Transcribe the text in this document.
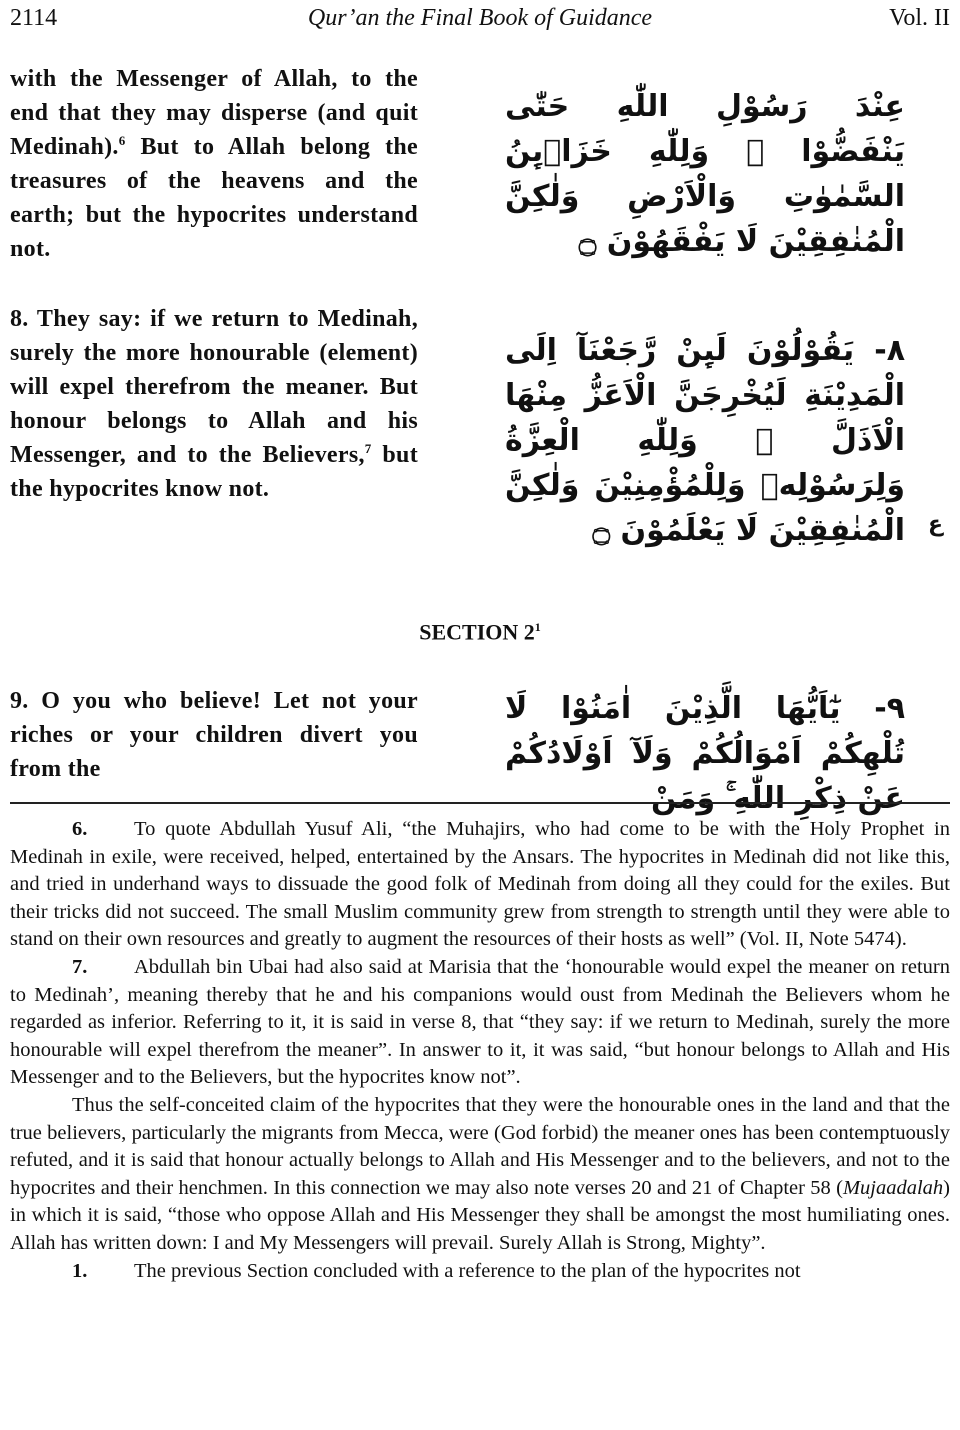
2114	Qur’an the Final Book of Guidance	Vol. II
with the Messenger of Allah, to the end that they may disperse (and quit Medinah).$^6$ But to Allah belong the treasures of the heavens and the earth; but the hypocrites understand not.
عِنْدَ رَسُوْلِ اللّٰهِ حَتّٰى يَنْفَضُّوْا ۭ وَلِلّٰهِ خَزَاۗىِٕنُ السَّمٰوٰتِ وَالْاَرْضِ وَلٰكِنَّ الْمُنٰفِقِيْنَ لَا يَفْقَهُوْنَ ۝
8. They say: if we return to Medinah, surely the more honourable (element) will expel therefrom the meaner. But honour belongs to Allah and his Messenger, and to the Believers,$^7$ but the hypocrites know not.
٨- يَقُوْلُوْنَ لَىِٕنْ رَّجَعْنَآ اِلَى الْمَدِيْنَةِ لَيُخْرِجَنَّ الْاَعَزُّ مِنْهَا الْاَذَلَّ ۭ وَلِلّٰهِ الْعِزَّةُ وَلِرَسُوْلِهٖ وَلِلْمُؤْمِنِيْنَ وَلٰكِنَّ الْمُنٰفِقِيْنَ لَا يَعْلَمُوْنَ ۝ ع
SECTION $2^1$
9. O you who believe! Let not your riches or your children divert you from the
٩- يٰٓاَيُّهَا الَّذِيْنَ اٰمَنُوْا لَا تُلْهِكُمْ اَمْوَالُكُمْ وَلَآ اَوْلَادُكُمْ عَنْ ذِكْرِ اللّٰهِ ۚ وَمَنْ

6. To quote Abdullah Yusuf Ali, “the Muhajirs, who had come to be with the Holy Prophet in Medinah in exile, were received, helped, entertained by the Ansars. The hypocrites in Medinah did not like this, and tried in underhand ways to dissuade the good folk of Medinah from doing all they could for the exiles. But their tricks did not succeed. The small Muslim community grew from strength to strength until they were able to stand on their own resources and greatly to augment the resources of their hosts as well” (Vol. II, Note 5474).

7. Abdullah bin Ubai had also said at Marisia that the ‘honourable would expel the meaner on return to Medinah’, meaning thereby that he and his companions would oust from Medinah the Believers whom he regarded as inferior. Referring to it, it is said in verse 8, that “they say: if we return to Medinah, surely the more honourable will expel therefrom the meaner”. In answer to it, it was said, “but honour belongs to Allah and His Messenger and to the Believers, but the hypocrites know not”.

Thus the self-conceited claim of the hypocrites that they were the honourable ones in the land and that the true believers, particularly the migrants from Mecca, were (God forbid) the meaner ones has been contemptuously refuted, and it is said that honour actually belongs to Allah and His Messenger and to the believers, and not to the hypocrites and their henchmen. In this connection we may also note verses 20 and 21 of Chapter 58 (Mujaadalah) in which it is said, “those who oppose Allah and His Messenger they shall be amongst the most humiliating ones. Allah has written down: I and My Messengers will prevail. Surely Allah is Strong, Mighty”.

1. The previous Section concluded with a reference to the plan of the hypocrites not
